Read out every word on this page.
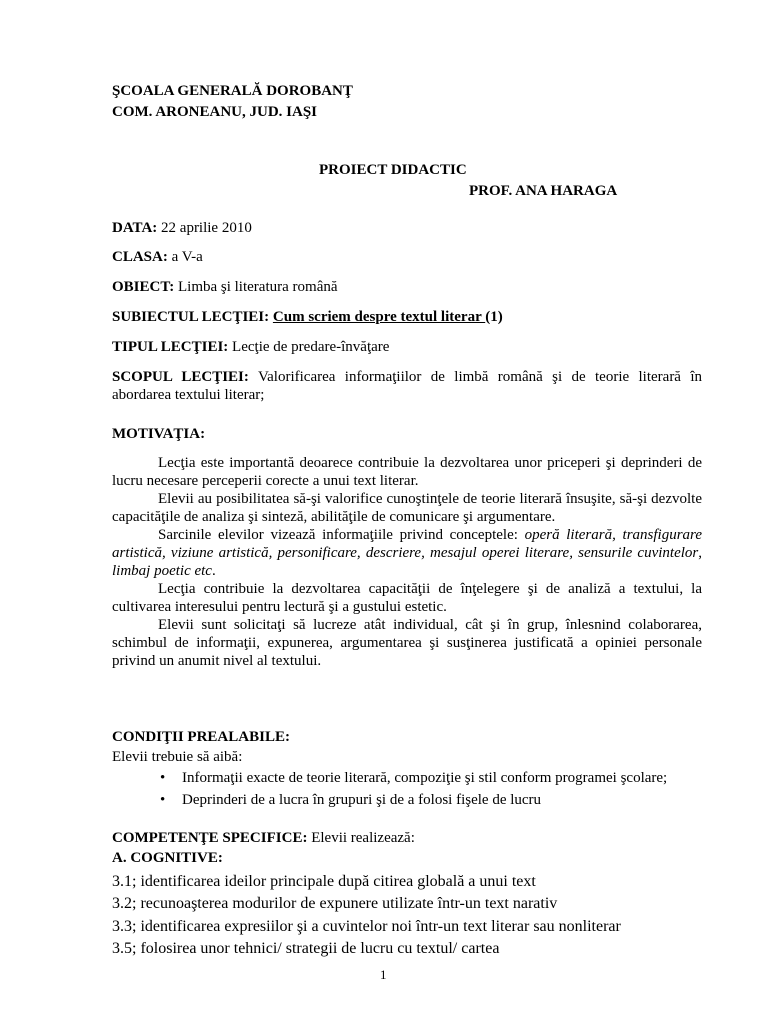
ŞCOALA GENERALĂ DOROBANŢ
COM. ARONEANU, JUD. IAŞI
PROIECT DIDACTIC
PROF. ANA HARAGA
DATA: 22 aprilie 2010
CLASA: a V-a
OBIECT: Limba şi literatura română
SUBIECTUL LECŢIEI: Cum scriem despre textul literar (1)
TIPUL LECŢIEI: Lecţie de predare-învăţare
SCOPUL LECŢIEI: Valorificarea informaţiilor de limbă română şi de teorie literară în abordarea textului literar;
MOTIVAŢIA:

Lecţia este importantă deoarece contribuie la dezvoltarea unor priceperi şi deprinderi de lucru necesare perceperii corecte a unui text literar.

Elevii au posibilitatea să-şi valorifice cunoştinţele de teorie literară însuşite, să-şi dezvolte capacităţile de analiza şi sinteză, abilităţile de comunicare şi argumentare.

Sarcinile elevilor vizează informaţiile privind conceptele: operă literară, transfigurare artistică, viziune artistică, personificare, descriere, mesajul operei literare, sensurile cuvintelor, limbaj poetic etc.

Lecţia contribuie la dezvoltarea capacităţii de înţelegere şi de analiză a textului, la cultivarea interesului pentru lectură şi a gustului estetic.

Elevii sunt solicitaţi să lucreze atât individual, cât şi în grup, înlesnind colaborarea, schimbul de informaţii, expunerea, argumentarea şi susţinerea justificată a opiniei personale privind un anumit nivel al textului.

CONDIŢII PREALABILE:
Elevii trebuie să aibă:
• Informaţii exacte de teorie literară, compoziţie şi stil conform programei şcolare;
• Deprinderi de a lucra în grupuri şi de a folosi fişele de lucru
COMPETENŢE SPECIFICE: Elevii realizează:
A. COGNITIVE:
3.1; identificarea ideilor principale după citirea globală a unui text
3.2; recunoaşterea modurilor de expunere utilizate într-un text narativ
3.3; identificarea expresiilor şi a cuvintelor noi într-un text literar sau nonliterar
3.5; folosirea unor tehnici/ strategii de lucru cu textul/ cartea
1
